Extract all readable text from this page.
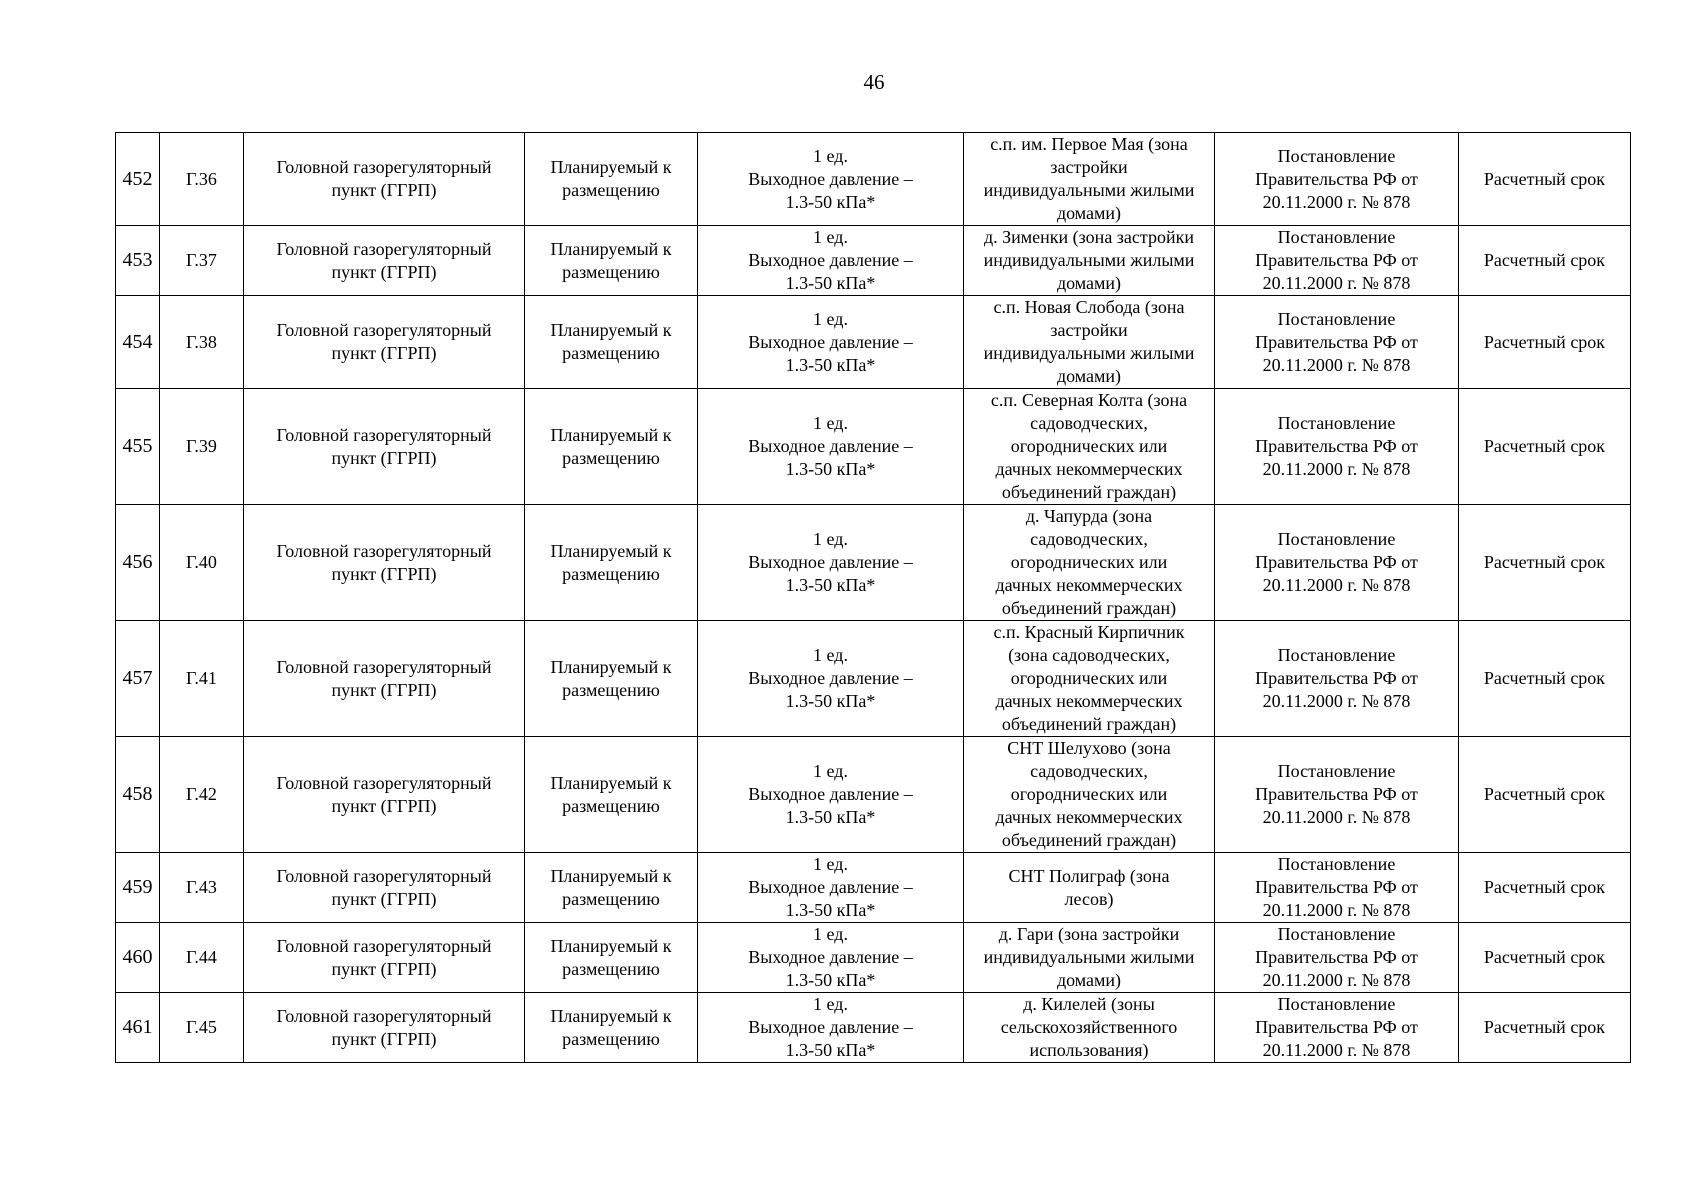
46
452	Г.36	Головной газорегуляторный
пункт (ГГРП)	Планируемый к
размещению	1 ед.
Выходное давление –
1.3-50 кПа*	с.п. им. Первое Мая (зона
застройки
индивидуальными жилыми
домами)	Постановление
Правительства РФ от
20.11.2000 г. № 878	Расчетный срок
453	Г.37	Головной газорегуляторный
пункт (ГГРП)	Планируемый к
размещению	1 ед.
Выходное давление –
1.3-50 кПа*	д. Зименки (зона застройки
индивидуальными жилыми
домами)	Постановление
Правительства РФ от
20.11.2000 г. № 878	Расчетный срок
454	Г.38	Головной газорегуляторный
пункт (ГГРП)	Планируемый к
размещению	1 ед.
Выходное давление –
1.3-50 кПа*	с.п. Новая Слобода (зона
застройки
индивидуальными жилыми
домами)	Постановление
Правительства РФ от
20.11.2000 г. № 878	Расчетный срок
455	Г.39	Головной газорегуляторный
пункт (ГГРП)	Планируемый к
размещению	1 ед.
Выходное давление –
1.3-50 кПа*	с.п. Северная Колта (зона
садоводческих,
огороднических или
дачных некоммерческих
объединений граждан)	Постановление
Правительства РФ от
20.11.2000 г. № 878	Расчетный срок
456	Г.40	Головной газорегуляторный
пункт (ГГРП)	Планируемый к
размещению	1 ед.
Выходное давление –
1.3-50 кПа*	д. Чапурда (зона
садоводческих,
огороднических или
дачных некоммерческих
объединений граждан)	Постановление
Правительства РФ от
20.11.2000 г. № 878	Расчетный срок
457	Г.41	Головной газорегуляторный
пункт (ГГРП)	Планируемый к
размещению	1 ед.
Выходное давление –
1.3-50 кПа*	с.п. Красный Кирпичник
(зона садоводческих,
огороднических или
дачных некоммерческих
объединений граждан)	Постановление
Правительства РФ от
20.11.2000 г. № 878	Расчетный срок
458	Г.42	Головной газорегуляторный
пункт (ГГРП)	Планируемый к
размещению	1 ед.
Выходное давление –
1.3-50 кПа*	СНТ Шелухово (зона
садоводческих,
огороднических или
дачных некоммерческих
объединений граждан)	Постановление
Правительства РФ от
20.11.2000 г. № 878	Расчетный срок
459	Г.43	Головной газорегуляторный
пункт (ГГРП)	Планируемый к
размещению	1 ед.
Выходное давление –
1.3-50 кПа*	СНТ Полиграф (зона
лесов)	Постановление
Правительства РФ от
20.11.2000 г. № 878	Расчетный срок
460	Г.44	Головной газорегуляторный
пункт (ГГРП)	Планируемый к
размещению	1 ед.
Выходное давление –
1.3-50 кПа*	д. Гари (зона застройки
индивидуальными жилыми
домами)	Постановление
Правительства РФ от
20.11.2000 г. № 878	Расчетный срок
461	Г.45	Головной газорегуляторный
пункт (ГГРП)	Планируемый к
размещению	1 ед.
Выходное давление –
1.3-50 кПа*	д. Килелей (зоны
сельскохозяйственного
использования)	Постановление
Правительства РФ от
20.11.2000 г. № 878	Расчетный срок
